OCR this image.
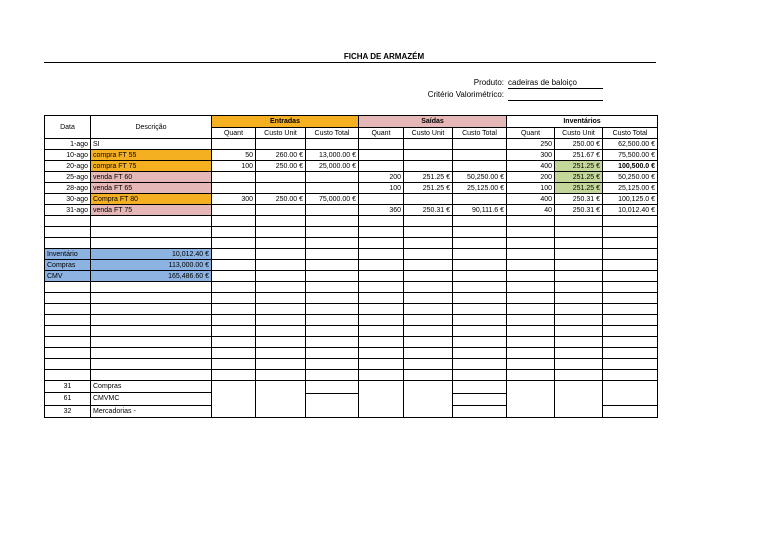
FICHA DE ARMAZÉM
Produto: cadeiras de baloiço
Critério Valorimétrico:
Data	Descrição	Entradas			Saídas			Inventários		
		Quant	Custo Unit	Custo Total	Quant	Custo Unit	Custo Total	Quant	Custo Unit	Custo Total
1-ago	SI							250	250.00 €	62,500.00 €
10-ago	compra FT 55	50	260.00 €	13,000.00 €				300	251.67 €	75,500.00 €
20-ago	compra FT 75	100	250.00 €	25,000.00 €				400	251.25 €	100,500.0 €
25-ago	venda FT 60				200	251.25 €	50,250.00 €	200	251.25 €	50,250.00 €
28-ago	venda FT 65				100	251.25 €	25,125.00 €	100	251.25 €	25,125.00 €
30-ago	Compra FT 80	300	250.00 €	75,000.00 €				400	250.31 €	100,125.0 €
31-ago	venda FT 75				360	250.31 €	90,111.6 €	40	250.31 €	10,012.40 €

Inventário	10,012.40 €									
Compras	113,000.00 €									
CMV	165,486.60 €									

31	Compras			

61	CMVMC									
32	Mercadorias -									
